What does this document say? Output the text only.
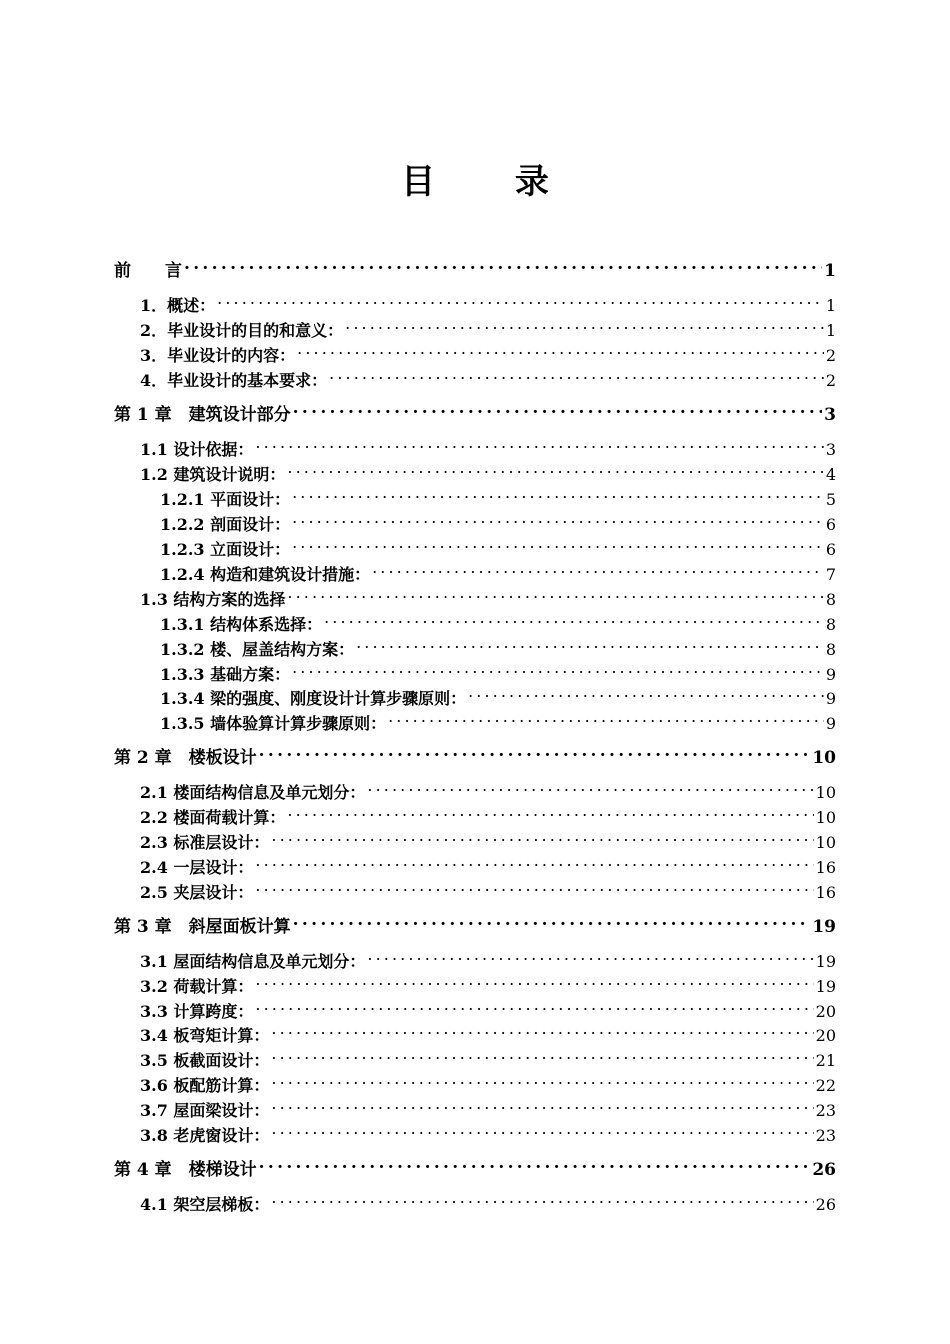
目 录
前　　言 .....	1
1．概述： .....	1
2．毕业设计的目的和意义： .....	1
3．毕业设计的内容： .....	2
4．毕业设计的基本要求： .....	2
第 1 章　建筑设计部分 .....	3
1.1 设计依据： .....	3
1.2 建筑设计说明： .....	4
1.2.1 平面设计： .....	5
1.2.2 剖面设计： .....	6
1.2.3 立面设计： .....	6
1.2.4 构造和建筑设计措施： .....	7
1.3 结构方案的选择 .....	8
1.3.1 结构体系选择： .....	8
1.3.2 楼、屋盖结构方案： .....	8
1.3.3 基础方案： .....	9
1.3.4 梁的强度、刚度设计计算步骤原则： .....	9
1.3.5 墙体验算计算步骤原则： .....	9
第 2 章　楼板设计 .....	10
2.1 楼面结构信息及单元划分： .....	10
2.2 楼面荷载计算： .....	10
2.3 标准层设计： .....	10
2.4 一层设计： .....	16
2.5 夹层设计： .....	16
第 3 章　斜屋面板计算 .....	19
3.1 屋面结构信息及单元划分： .....	19
3.2 荷载计算： .....	19
3.3 计算跨度： .....	20
3.4 板弯矩计算： .....	20
3.5 板截面设计： .....	21
3.6 板配筋计算： .....	22
3.7 屋面梁设计： .....	23
3.8 老虎窗设计： .....	23
第 4 章　楼梯设计 .....	26
4.1 架空层梯板： .....	26
